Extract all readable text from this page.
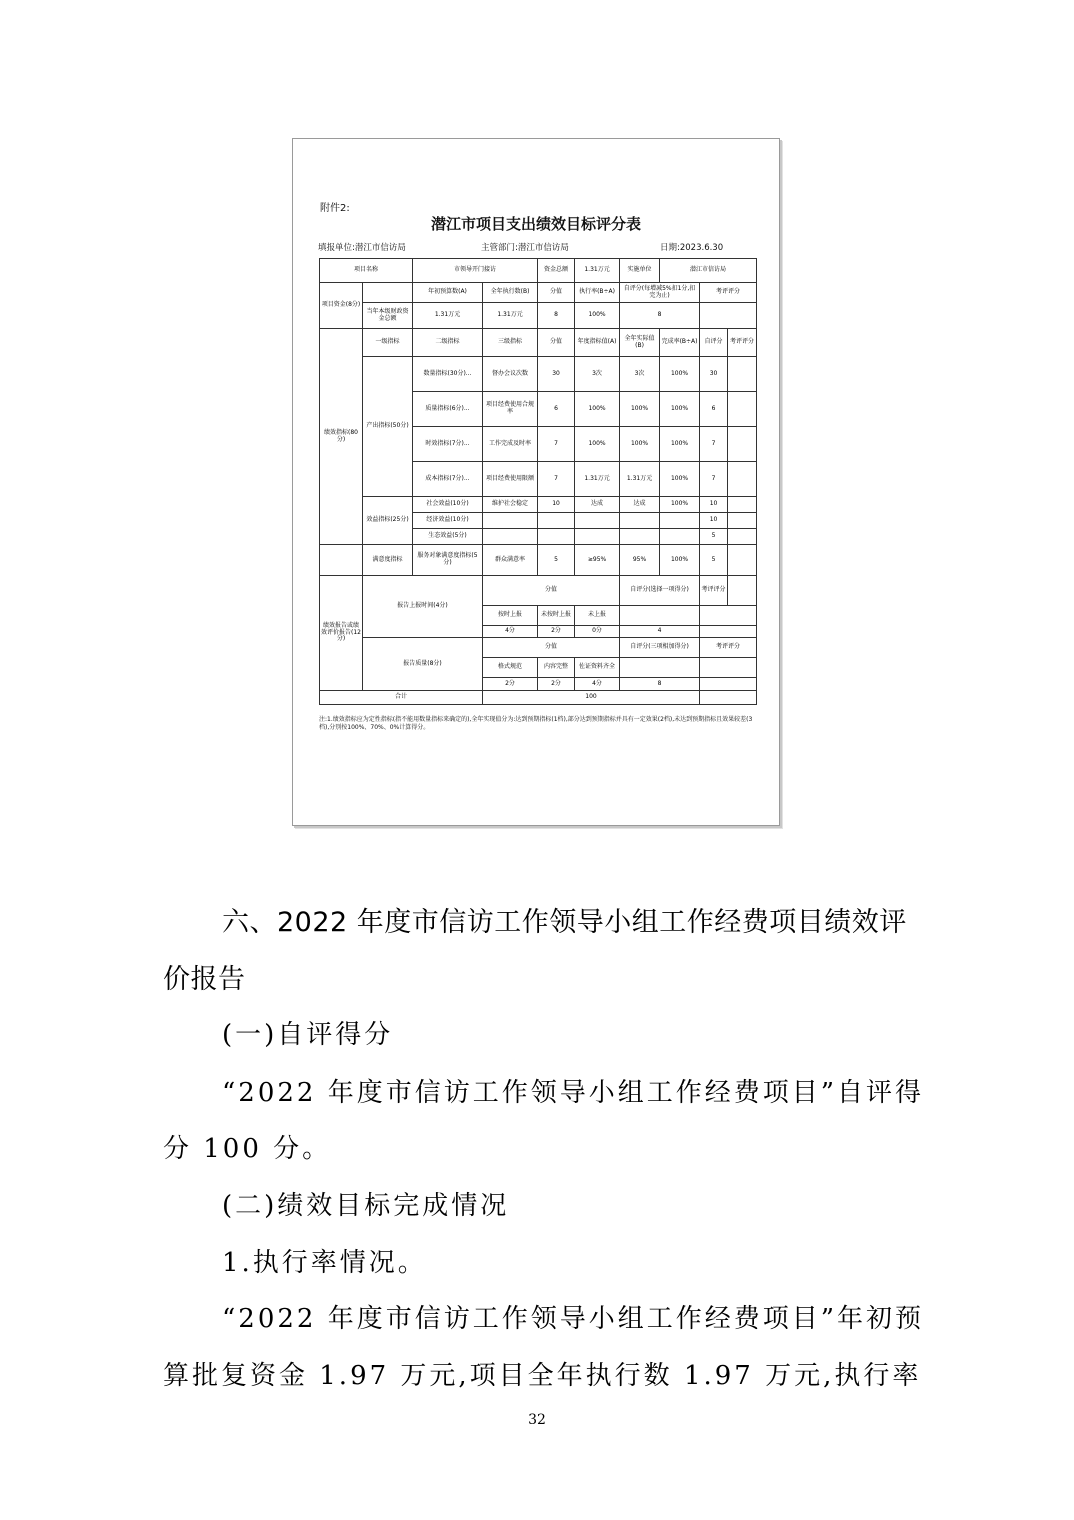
附件2:
潜江市项目支出绩效目标评分表
填报单位:潜江市信访局	主管部门:潜江市信访局	日期:2023.6.30
项目名称		市领导开门接访		资金总额	1.31万元	实施单位	潜江市信访局		
项目资金(8分)		年初预算数(A)	全年执行数(B)	分值	执行率(B÷A)	自评分(每增减5%扣1分,扣完为止)		考评评分	
	当年本级财政资金总额	1.31万元	1.31万元	8	100%	8			
绩效指标(80分)	一级指标	二级指标	三级指标	分值	年度指标值(A)	全年实际值(B)	完成率(B÷A)	自评分	考评评分
	产出指标(50分)	数量指标(30分)...	督办会议次数	30	3次	3次	100%	30	
		质量指标(6分)...	项目经费使用合规率	6	100%	100%	100%	6	
		时效指标(7分)...	工作完成及时率	7	100%	100%	100%	7	
		成本指标(7分)...	项目经费使用限额	7	1.31万元	1.31万元	100%	7	
	效益指标(25分)	社会效益(10分)	维护社会稳定	10	达成	达成	100%	10	
		经济效益(10分)						10	
		生态效益(5分)						5	
	满意度指标	服务对象满意度指标(5分)	群众满意率	5	≥95%	95%	100%	5	
绩效报告或绩效评价报告(12分)	报告上报时间(4分)		分值			自评分(选择一项得分)		考评评分	
			按时上报	未按时上报	未上报				
			4分	2分	0分	4			
	报告质量(8分)		分值			自评分(三项相加得分)		考评评分	
			格式规范	内容完整	佐证资料齐全				
			2分	2分	4分	8			
合计			100						
注:1.绩效指标应为定性指标(指不能用数量指标来确定的),全年实现值分为:达到预期指标(1档),部分达到预期指标并具有一定效果(2档),未达到预期指标且效果较差(3档),分别按100%、70%、0%计算得分。
六、2022 年度市信访工作领导小组工作经费项目绩效评
价报告
(一)自评得分
“2022 年度市信访工作领导小组工作经费项目”自评得
分 100 分。
(二)绩效目标完成情况
1.执行率情况。
“2022 年度市信访工作领导小组工作经费项目”年初预
算批复资金 1.97 万元,项目全年执行数 1.97 万元,执行率
32
